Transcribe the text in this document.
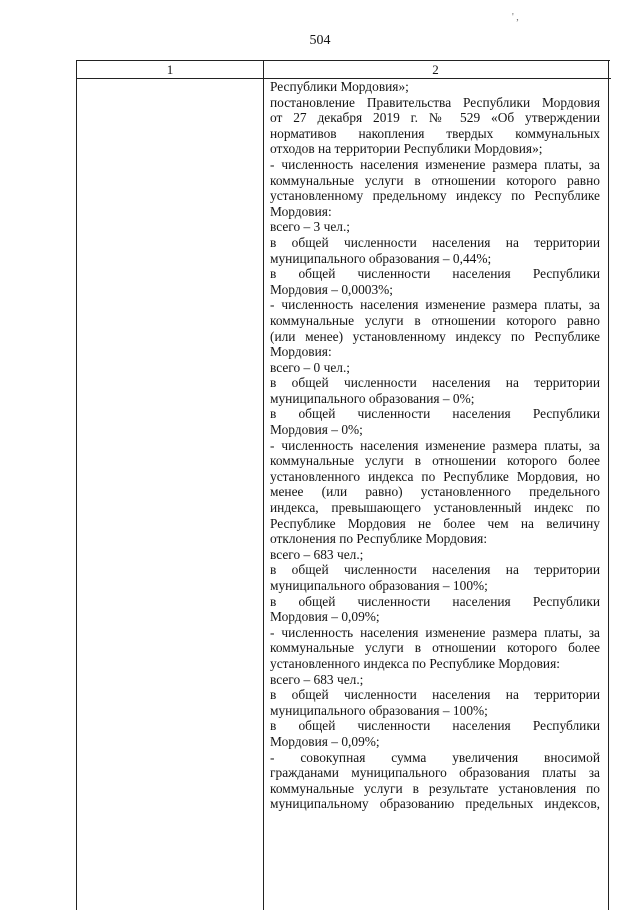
504
' ,
1	2
Республики Мордовия»;
постановление Правительства Республики Мордовия
от 27 декабря 2019 г. № 529 «Об утверждении
нормативов накопления твердых коммунальных
отходов на территории Республики Мордовия»;
- численность населения изменение размера платы, за
коммунальные услуги в отношении которого равно
установленному предельному индексу по Республике
Мордовия:
всего – 3 чел.;
в общей численности населения на территории
муниципального образования – 0,44%;
в общей численности населения Республики
Мордовия – 0,0003%;
- численность населения изменение размера платы, за
коммунальные услуги в отношении которого равно
(или менее) установленному индексу по Республике
Мордовия:
всего – 0 чел.;
в общей численности населения на территории
муниципального образования – 0%;
в общей численности населения Республики
Мордовия – 0%;
- численность населения изменение размера платы, за
коммунальные услуги в отношении которого более
установленного индекса по Республике Мордовия, но
менее (или равно) установленного предельного
индекса, превышающего установленный индекс по
Республике Мордовия не более чем на величину
отклонения по Республике Мордовия:
всего – 683 чел.;
в общей численности населения на территории
муниципального образования – 100%;
в общей численности населения Республики
Мордовия – 0,09%;
- численность населения изменение размера платы, за
коммунальные услуги в отношении которого более
установленного индекса по Республике Мордовия:
всего – 683 чел.;
в общей численности населения на территории
муниципального образования – 100%;
в общей численности населения Республики
Мордовия – 0,09%;
- совокупная сумма увеличения вносимой
гражданами муниципального образования платы за
коммунальные услуги в результате установления по
муниципальному образованию предельных индексов,
